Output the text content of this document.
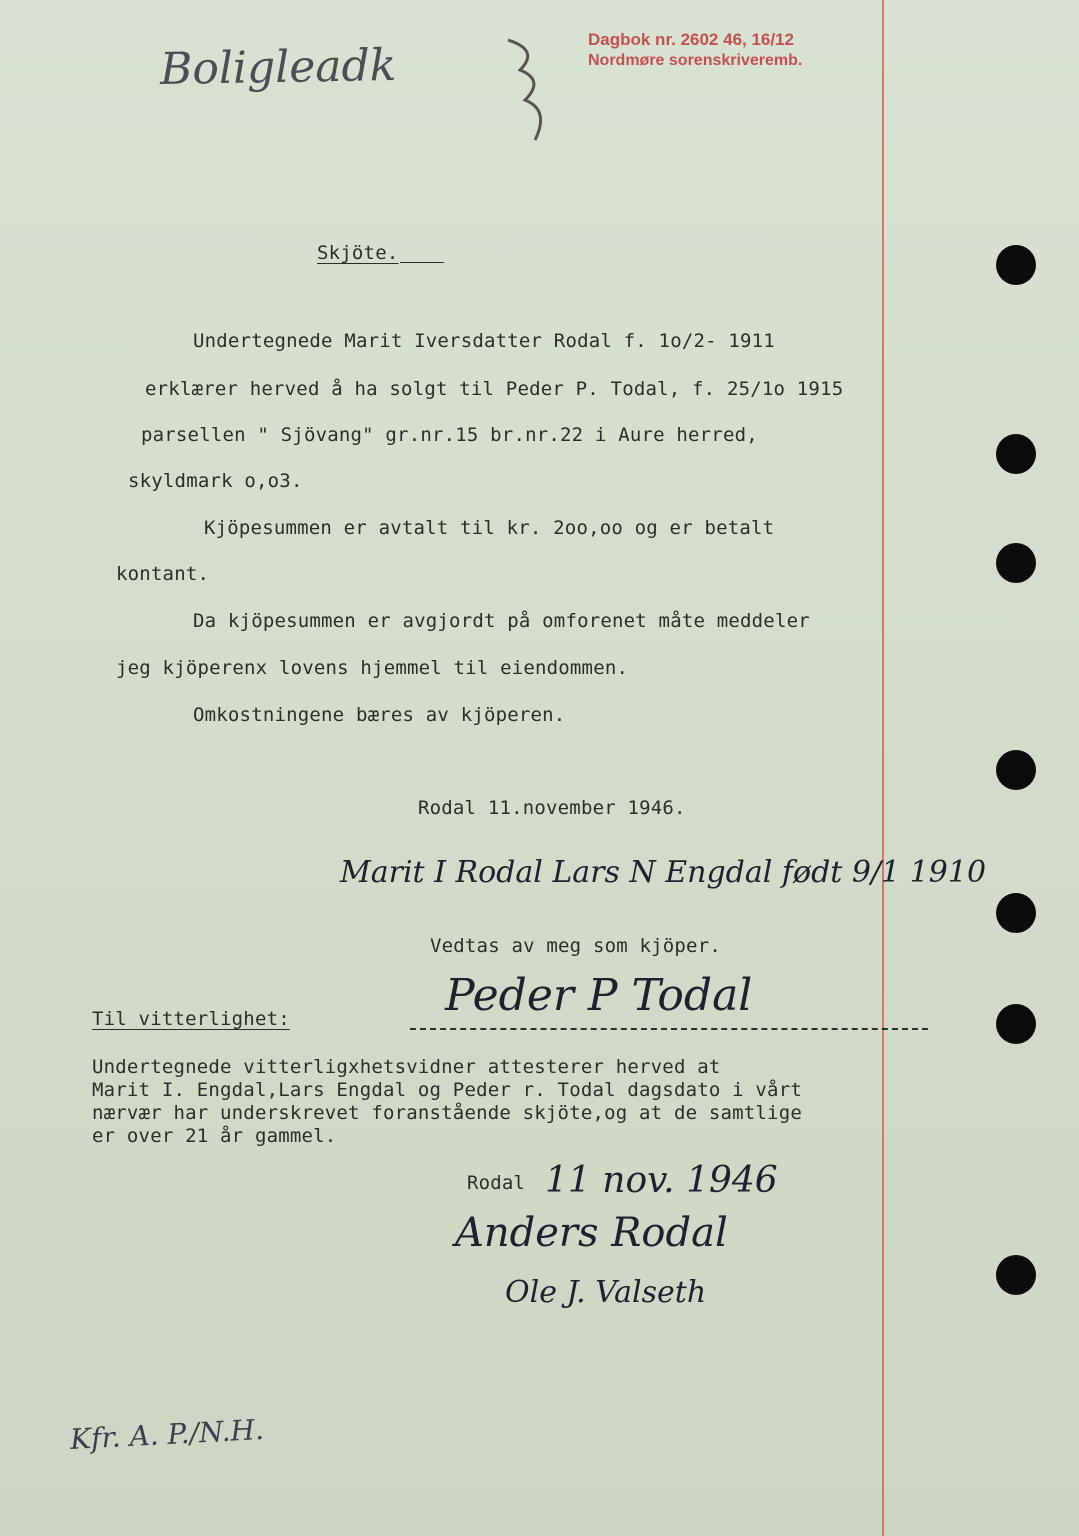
Boligleadk
Dagbok nr. 2602 46, 16/12
Nordmøre sorenskriveremb.
Skjöte.
Undertegnede Marit Iversdatter Rodal f. 1o/2- 1911
erklærer herved å ha solgt til Peder P. Todal, f. 25/1o 1915
parsellen " Sjövang" gr.nr.15 br.nr.22 i Aure herred,
skyldmark o,o3.
Kjöpesummen er avtalt til kr. 2oo,oo og er betalt
kontant.
Da kjöpesummen er avgjordt på omforenet måte meddeler
jeg kjöperenx lovens hjemmel til eiendommen.
Omkostningene bæres av kjöperen.
Rodal 11.november 1946.
Marit I Rodal Lars N Engdal født 9/1 1910
Vedtas av meg som kjöper.
Til vitterlighet:	Peder P Todal
Undertegnede vitterligxhetsvidner attesterer herved at
Marit I. Engdal,Lars Engdal og Peder r. Todal dagsdato i vårt
nærvær har underskrevet foranstående skjöte,og at de samtlige
er over 21 år gammel.
Rodal 11 nov. 1946
Anders Rodal
Ole J. Valseth
Kfr. A. P./N.H.
